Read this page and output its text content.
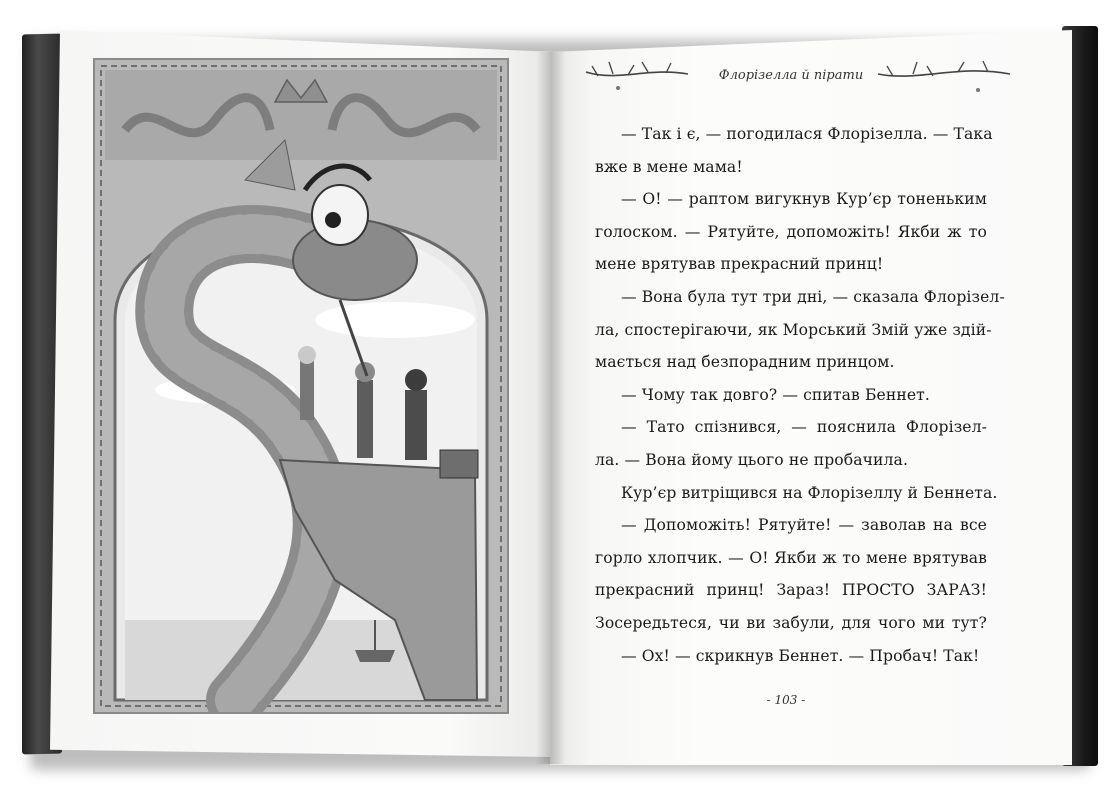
Флорізелла й пірати
— Так і є, — погодилася Флорізелла. — Така
вже в мене мама!
— О! — раптом вигукнув Кур’єр тоненьким
голоском. — Рятуйте, допоможіть! Якби ж то
мене врятував прекрасний принц!
— Вона була тут три дні, — сказала Флорізел-
ла, спостерігаючи, як Морський Змій уже здій-
мається над безпорадним принцом.
— Чому так довго? — спитав Беннет.
— Тато спізнився, — пояснила Флорізел-
ла. — Вона йому цього не пробачила.
Кур’єр витріщився на Флорізеллу й Беннета.
— Допоможіть! Рятуйте! — заволав на все
горло хлопчик. — О! Якби ж то мене врятував
прекрасний принц! Зараз! ПРОСТО ЗАРАЗ!
Зосередьтеся, чи ви забули, для чого ми тут?
— Ох! — скрикнув Беннет. — Пробач! Так!
- 103 -
